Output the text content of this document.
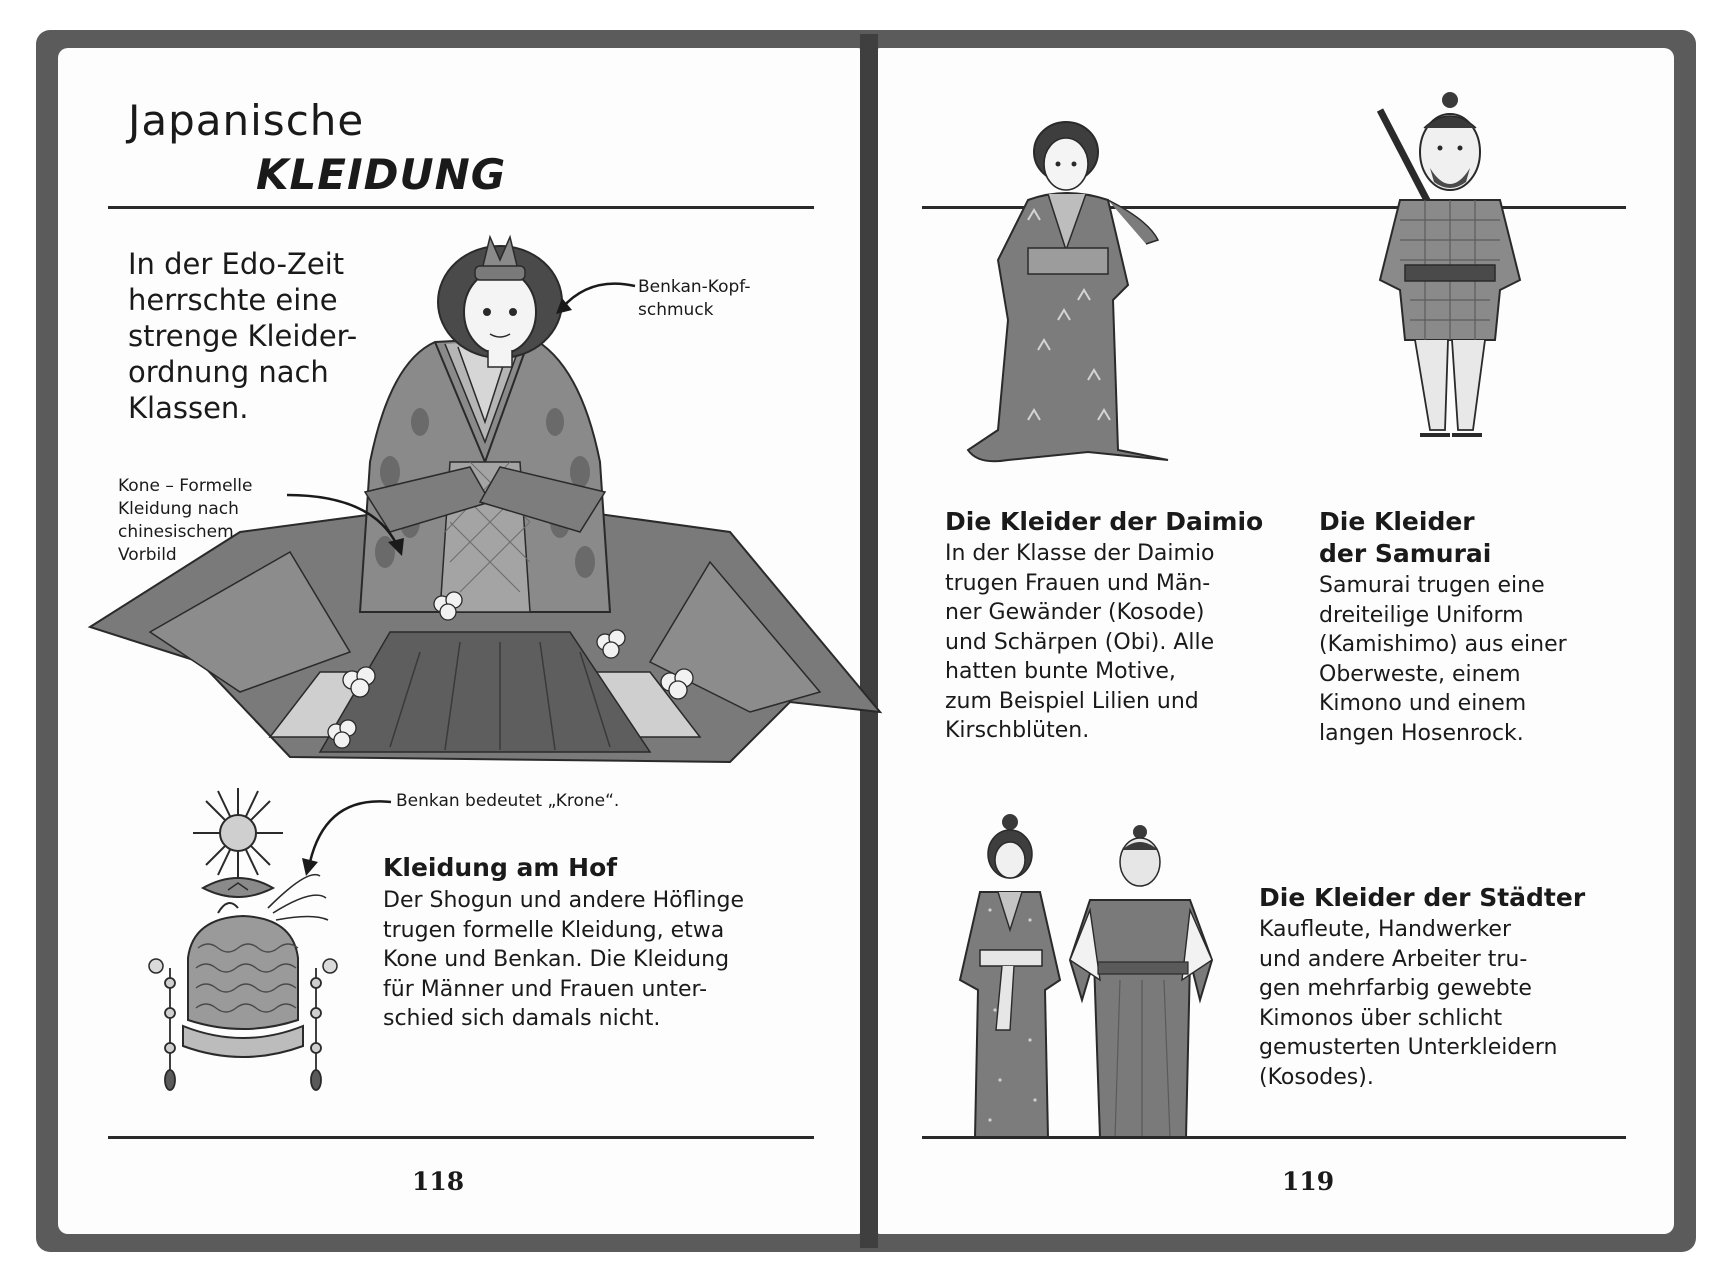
Japanische
KLEIDUNG
In der Edo-Zeit
herrschte eine
strenge Kleider-
ordnung nach
Klassen.
Benkan-Kopf-
schmuck
Kone – Formelle
Kleidung nach
chinesischem
Vorbild
Benkan bedeutet „Krone“.
Kleidung am Hof
Der Shogun und andere Höflinge
trugen formelle Kleidung, etwa
Kone und Benkan. Die Kleidung
für Männer und Frauen unter-
schied sich damals nicht.
118
Die Kleider der Daimio
In der Klasse der Daimio
trugen Frauen und Män-
ner Gewänder (Kosode)
und Schärpen (Obi). Alle
hatten bunte Motive,
zum Beispiel Lilien und
Kirschblüten.
Die Kleider
der Samurai
Samurai trugen eine
dreiteilige Uniform
(Kamishimo) aus einer
Oberweste, einem
Kimono und einem
langen Hosenrock.
Die Kleider der Städter
Kaufleute, Handwerker
und andere Arbeiter tru-
gen mehrfarbig gewebte
Kimonos über schlicht
gemusterten Unterkleidern
(Kosodes).
119
